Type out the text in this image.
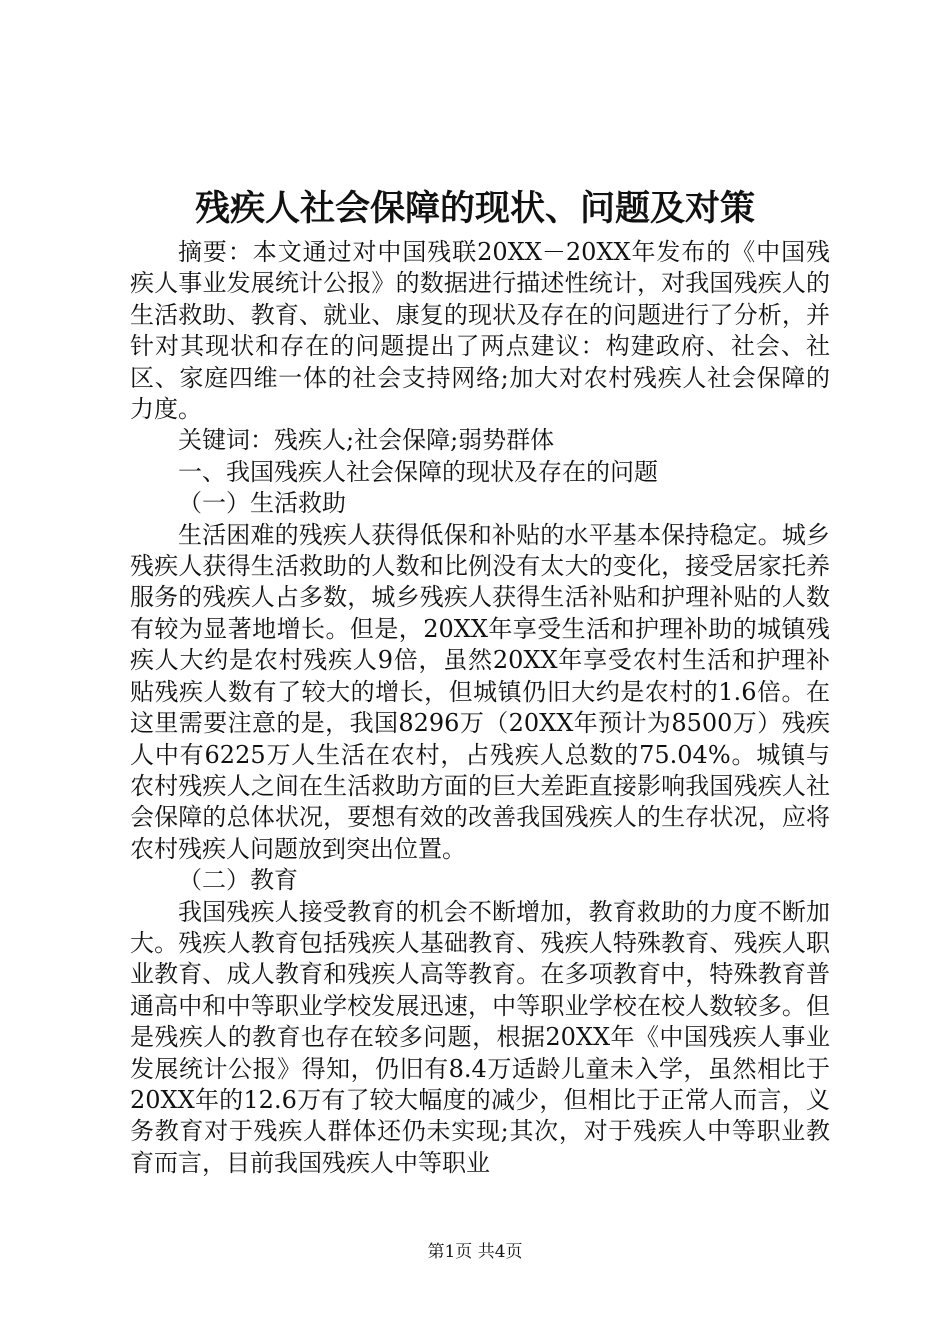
残疾人社会保障的现状、问题及对策

摘要：本文通过对中国残联20XX－20XX年发布的《中国残疾人事业发展统计公报》的数据进行描述性统计，对我国残疾人的生活救助、教育、就业、康复的现状及存在的问题进行了分析，并针对其现状和存在的问题提出了两点建议：构建政府、社会、社区、家庭四维一体的社会支持网络;加大对农村残疾人社会保障的力度。

关键词：残疾人;社会保障;弱势群体

一、我国残疾人社会保障的现状及存在的问题

（一）生活救助

生活困难的残疾人获得低保和补贴的水平基本保持稳定。城乡残疾人获得生活救助的人数和比例没有太大的变化，接受居家托养服务的残疾人占多数，城乡残疾人获得生活补贴和护理补贴的人数有较为显著地增长。但是，20XX年享受生活和护理补助的城镇残疾人大约是农村残疾人9倍，虽然20XX年享受农村生活和护理补贴残疾人数有了较大的增长，但城镇仍旧大约是农村的1.6倍。在这里需要注意的是，我国8296万（20XX年预计为8500万）残疾人中有6225万人生活在农村，占残疾人总数的75.04%。城镇与农村残疾人之间在生活救助方面的巨大差距直接影响我国残疾人社会保障的总体状况，要想有效的改善我国残疾人的生存状况，应将农村残疾人问题放到突出位置。

（二）教育

我国残疾人接受教育的机会不断增加，教育救助的力度不断加大。残疾人教育包括残疾人基础教育、残疾人特殊教育、残疾人职业教育、成人教育和残疾人高等教育。在多项教育中，特殊教育普通高中和中等职业学校发展迅速，中等职业学校在校人数较多。但是残疾人的教育也存在较多问题，根据20XX年《中国残疾人事业发展统计公报》得知，仍旧有8.4万适龄儿童未入学，虽然相比于20XX年的12.6万有了较大幅度的减少，但相比于正常人而言，义务教育对于残疾人群体还仍未实现;其次，对于残疾人中等职业教育而言，目前我国残疾人中等职业

第1页 共4页
